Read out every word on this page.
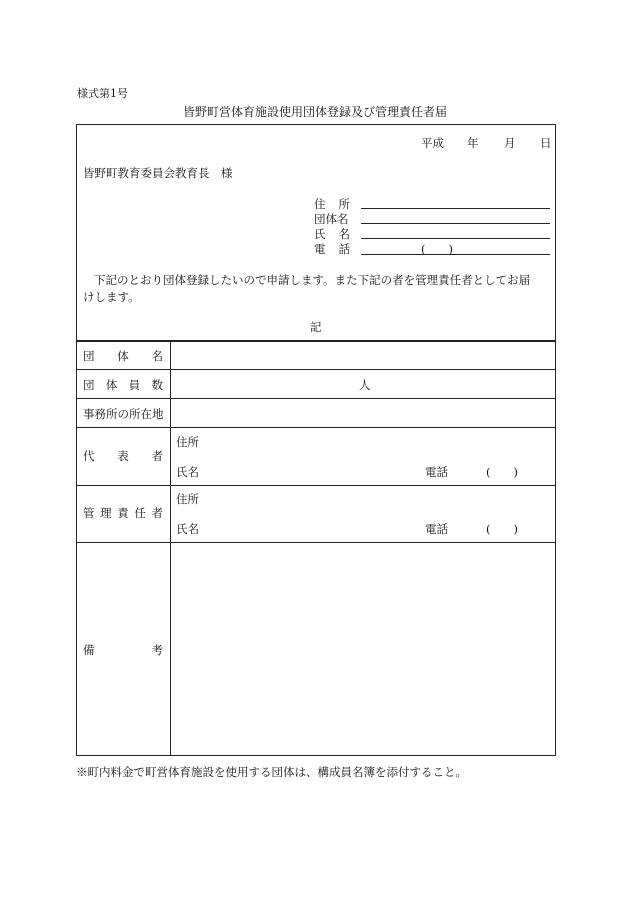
様式第1号
皆野町営体育施設使用団体登録及び管理責任者届
平成 年 月 日
皆野町教育委員会教育長　様
住 所
団体名
氏 名
電 話	(　　)
下記のとおり団体登録したいので申請します。また下記の者を管理責任者としてお届
けします。
記
団 体 名
団 体 員 数	人
事務所の所在地
代 表 者
住所
氏名	電話	(　　)
管 理 責 任 者
住所
氏名	電話	(　　)
備	考
※町内料金で町営体育施設を使用する団体は、構成員名簿を添付すること。
